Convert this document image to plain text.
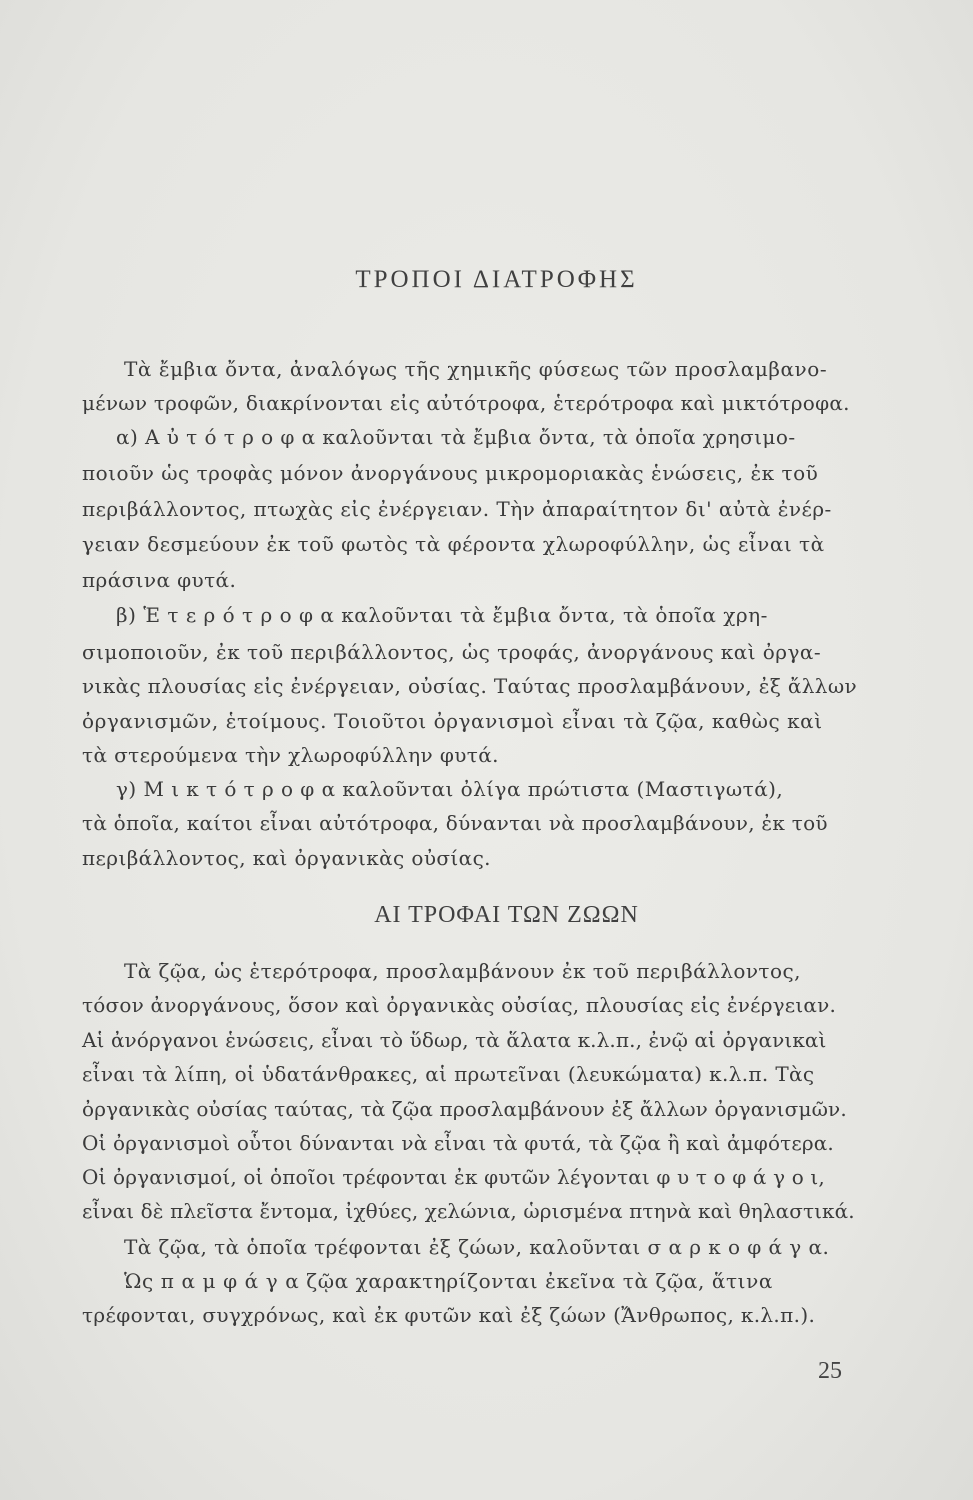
ΤΡΟΠΟΙ ΔΙΑΤΡΟΦΗΣ

Τὰ ἔμβια ὄντα, ἀναλόγως τῆς χημικῆς φύσεως τῶν προσλαμβανο-

μένων τροφῶν, διακρίνονται εἰς αὐτότροφα, ἑτερότροφα καὶ μικτότροφα.

α) Α ὐ τ ό τ ρ ο φ α καλοῦνται τὰ ἔμβια ὄντα, τὰ ὁποῖα χρησιμο-

ποιοῦν ὡς τροφὰς μόνον ἀνοργάνους μικρομοριακὰς ἑνώσεις, ἐκ τοῦ

περιβάλλοντος, πτωχὰς εἰς ἐνέργειαν. Τὴν ἀπαραίτητον δι' αὐτὰ ἐνέρ-

γειαν δεσμεύουν ἐκ τοῦ φωτὸς τὰ φέροντα χλωροφύλλην, ὡς εἶναι τὰ

πράσινα φυτά.

β) Ἑ τ ε ρ ό τ ρ ο φ α καλοῦνται τὰ ἔμβια ὄντα, τὰ ὁποῖα χρη-

σιμοποιοῦν, ἐκ τοῦ περιβάλλοντος, ὡς τροφάς, ἀνοργάνους καὶ ὀργα-

νικὰς πλουσίας εἰς ἐνέργειαν, οὐσίας. Ταύτας προσλαμβάνουν, ἐξ ἄλλων

ὀργανισμῶν, ἑτοίμους. Τοιοῦτοι ὀργανισμοὶ εἶναι τὰ ζῷα, καθὼς καὶ

τὰ στερούμενα τὴν χλωροφύλλην φυτά.

γ) Μ ι κ τ ό τ ρ ο φ α καλοῦνται ὀλίγα πρώτιστα (Μαστιγωτά),

τὰ ὁποῖα, καίτοι εἶναι αὐτότροφα, δύνανται νὰ προσλαμβάνουν, ἐκ τοῦ

περιβάλλοντος, καὶ ὀργανικὰς οὐσίας.

ΑΙ ΤΡΟΦΑΙ ΤΩΝ ΖΩΩΝ

Τὰ ζῷα, ὡς ἑτερότροφα, προσλαμβάνουν ἐκ τοῦ περιβάλλοντος,

τόσον ἀνοργάνους, ὅσον καὶ ὀργανικὰς οὐσίας, πλουσίας εἰς ἐνέργειαν.

Αἱ ἀνόργανοι ἑνώσεις, εἶναι τὸ ὕδωρ, τὰ ἅλατα κ.λ.π., ἐνῷ αἱ ὀργανικαὶ

εἶναι τὰ λίπη, οἱ ὑδατάνθρακες, αἱ πρωτεῖναι (λευκώματα) κ.λ.π. Τὰς

ὀργανικὰς οὐσίας ταύτας, τὰ ζῷα προσλαμβάνουν ἐξ ἄλλων ὀργανισμῶν.

Οἱ ὀργανισμοὶ οὗτοι δύνανται νὰ εἶναι τὰ φυτά, τὰ ζῷα ἢ καὶ ἀμφότερα.

Οἱ ὀργανισμοί, οἱ ὁποῖοι τρέφονται ἐκ φυτῶν λέγονται φ υ τ ο φ ά γ ο ι,

εἶναι δὲ πλεῖστα ἔντομα, ἰχθύες, χελώνια, ὡρισμένα πτηνὰ καὶ θηλαστικά.

Τὰ ζῷα, τὰ ὁποῖα τρέφονται ἐξ ζώων, καλοῦνται σ α ρ κ ο φ ά γ α.

Ὡς π α μ φ ά γ α ζῷα χαρακτηρίζονται ἐκεῖνα τὰ ζῷα, ἅτινα

τρέφονται, συγχρόνως, καὶ ἐκ φυτῶν καὶ ἐξ ζώων (Ἄνθρωπος, κ.λ.π.).

25
